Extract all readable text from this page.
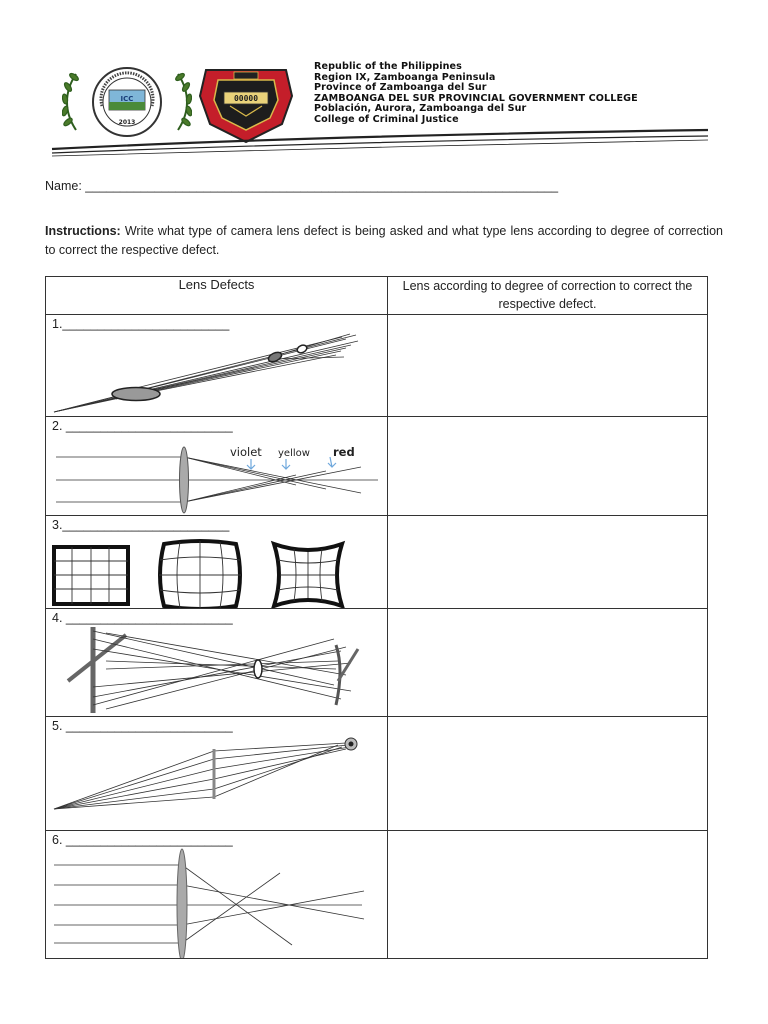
ICC
2013
00000
Republic of the Philippines
Region IX, Zamboanga Peninsula
Province of Zamboanga del Sur
ZAMBOANGA DEL SUR PROVINCIAL GOVERNMENT COLLEGE
Población, Aurora, Zamboanga del Sur
College of Criminal Justice
Name: ____________________________________________________________________
Instructions: Write what type of camera lens defect is being asked and what type lens according to degree of correction to correct the respective defect.
Lens Defects	Lens according to degree of correction to correct the respective defect.

1.________________________	

2. ________________________
violet yellow red	

3.________________________	

4. ________________________	

5. ________________________	

6. ________________________	
